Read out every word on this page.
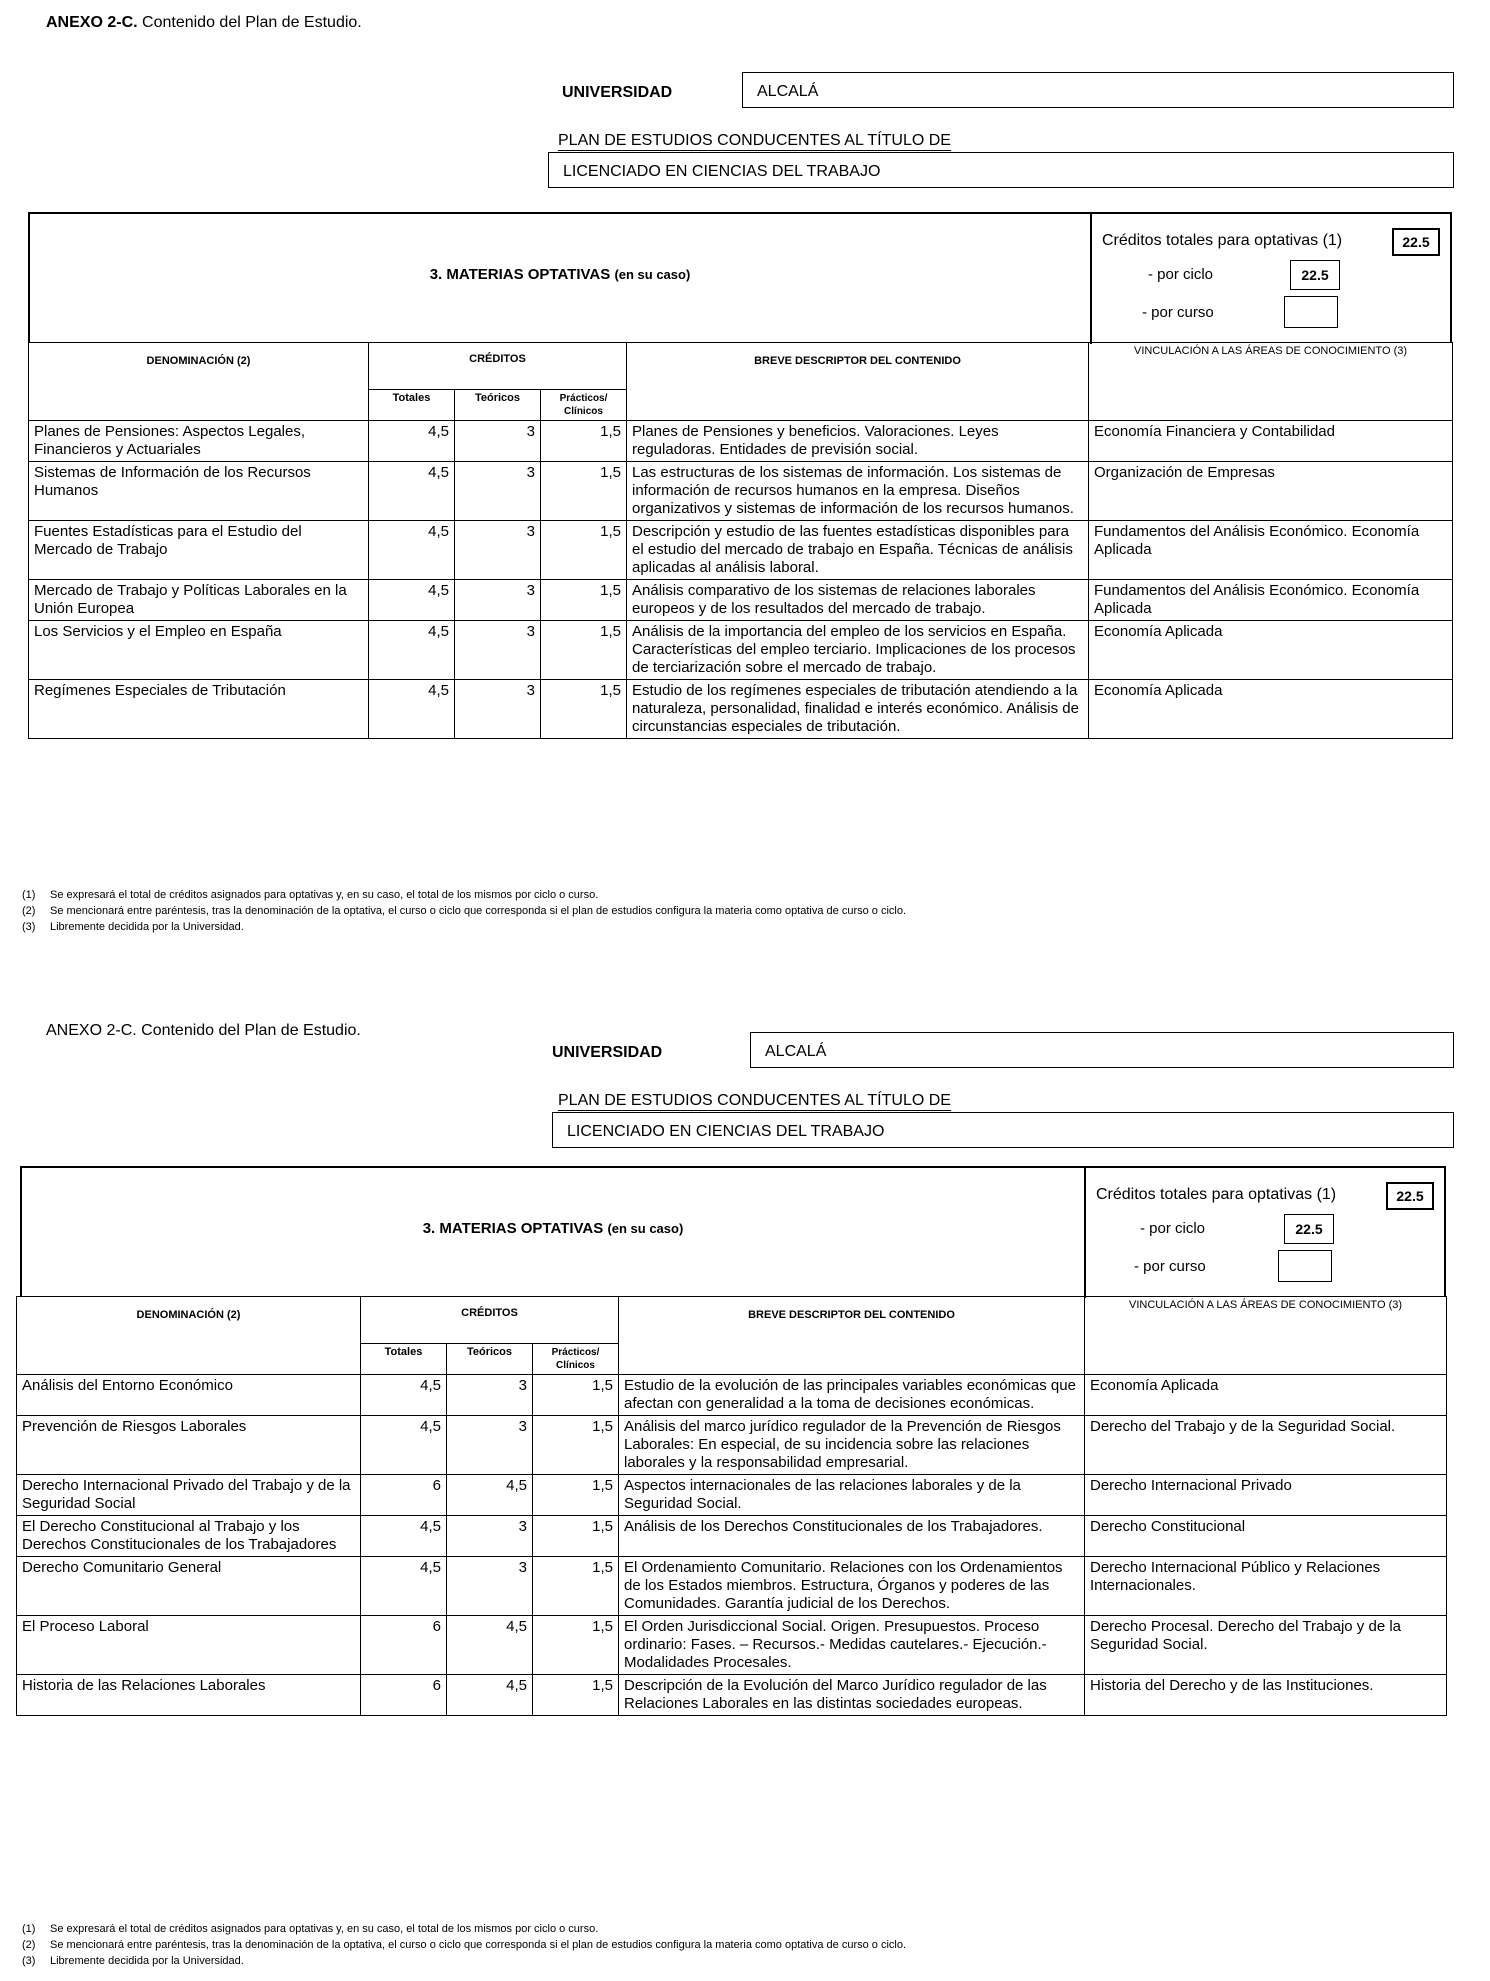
ANEXO 2-C. Contenido del Plan de Estudio.
UNIVERSIDAD	ALCALÁ
PLAN DE ESTUDIOS CONDUCENTES AL TÍTULO DE
LICENCIADO EN CIENCIAS DEL TRABAJO
3. MATERIAS OPTATIVAS (en su caso)
Créditos totales para optativas (1)	22.5
- por ciclo	22.5
- por curso
DENOMINACIÓN (2)	CRÉDITOS			BREVE DESCRIPTOR DEL CONTENIDO	VINCULACIÓN A LAS ÁREAS DE CONOCIMIENTO (3)
	Totales	Teóricos	Prácticos/ Clínicos		
Planes de Pensiones: Aspectos Legales, Financieros y Actuariales	4,5	3	1,5	Planes de Pensiones y beneficios. Valoraciones. Leyes reguladoras. Entidades de previsión social.	Economía Financiera y Contabilidad
Sistemas de Información de los Recursos Humanos	4,5	3	1,5	Las estructuras de los sistemas de información. Los sistemas de información de recursos humanos en la empresa. Diseños organizativos y sistemas de información de los recursos humanos.	Organización de Empresas
Fuentes Estadísticas para el Estudio del Mercado de Trabajo	4,5	3	1,5	Descripción y estudio de las fuentes estadísticas disponibles para el estudio del mercado de trabajo en España. Técnicas de análisis aplicadas al análisis laboral.	Fundamentos del Análisis Económico. Economía Aplicada
Mercado de Trabajo y Políticas Laborales en la Unión Europea	4,5	3	1,5	Análisis comparativo de los sistemas de relaciones laborales europeos y de los resultados del mercado de trabajo.	Fundamentos del Análisis Económico. Economía Aplicada
Los Servicios y el Empleo en España	4,5	3	1,5	Análisis de la importancia del empleo de los servicios en España. Características del empleo terciario. Implicaciones de los procesos de terciarización sobre el mercado de trabajo.	Economía Aplicada
Regímenes Especiales de Tributación	4,5	3	1,5	Estudio de los regímenes especiales de tributación atendiendo a la naturaleza, personalidad, finalidad e interés económico. Análisis de circunstancias especiales de tributación.	Economía Aplicada
(1) Se expresará el total de créditos asignados para optativas y, en su caso, el total de los mismos por ciclo o curso.
(2) Se mencionará entre paréntesis, tras la denominación de la optativa, el curso o ciclo que corresponda si el plan de estudios configura la materia como optativa de curso o ciclo.
(3) Libremente decidida por la Universidad.
ANEXO 2-C. Contenido del Plan de Estudio.
UNIVERSIDAD	ALCALÁ
PLAN DE ESTUDIOS CONDUCENTES AL TÍTULO DE
LICENCIADO EN CIENCIAS DEL TRABAJO
3. MATERIAS OPTATIVAS (en su caso)
Créditos totales para optativas (1)	22.5
- por ciclo	22.5
- por curso
DENOMINACIÓN (2)	CRÉDITOS			BREVE DESCRIPTOR DEL CONTENIDO	VINCULACIÓN A LAS ÁREAS DE CONOCIMIENTO (3)
	Totales	Teóricos	Prácticos/ Clínicos		
Análisis del Entorno Económico	4,5	3	1,5	Estudio de la evolución de las principales variables económicas que afectan con generalidad a la toma de decisiones económicas.	Economía Aplicada
Prevención de Riesgos Laborales	4,5	3	1,5	Análisis del marco jurídico regulador de la Prevención de Riesgos Laborales: En especial, de su incidencia sobre las relaciones laborales y la responsabilidad empresarial.	Derecho del Trabajo y de la Seguridad Social.
Derecho Internacional Privado del Trabajo y de la Seguridad Social	6	4,5	1,5	Aspectos internacionales de las relaciones laborales y de la Seguridad Social.	Derecho Internacional Privado
El Derecho Constitucional al Trabajo y los Derechos Constitucionales de los Trabajadores	4,5	3	1,5	Análisis de los Derechos Constitucionales de los Trabajadores.	Derecho Constitucional
Derecho Comunitario General	4,5	3	1,5	El Ordenamiento Comunitario. Relaciones con los Ordenamientos de los Estados miembros. Estructura, Órganos y poderes de las Comunidades. Garantía judicial de los Derechos.	Derecho Internacional Público y Relaciones Internacionales.
El Proceso Laboral	6	4,5	1,5	El Orden Jurisdiccional Social. Origen. Presupuestos. Proceso ordinario: Fases. – Recursos.- Medidas cautelares.- Ejecución.- Modalidades Procesales.	Derecho Procesal. Derecho del Trabajo y de la Seguridad Social.
Historia de las Relaciones Laborales	6	4,5	1,5	Descripción de la Evolución del Marco Jurídico regulador de las Relaciones Laborales en las distintas sociedades europeas.	Historia del Derecho y de las Instituciones.
(1) Se expresará el total de créditos asignados para optativas y, en su caso, el total de los mismos por ciclo o curso.
(2) Se mencionará entre paréntesis, tras la denominación de la optativa, el curso o ciclo que corresponda si el plan de estudios configura la materia como optativa de curso o ciclo.
(3) Libremente decidida por la Universidad.
